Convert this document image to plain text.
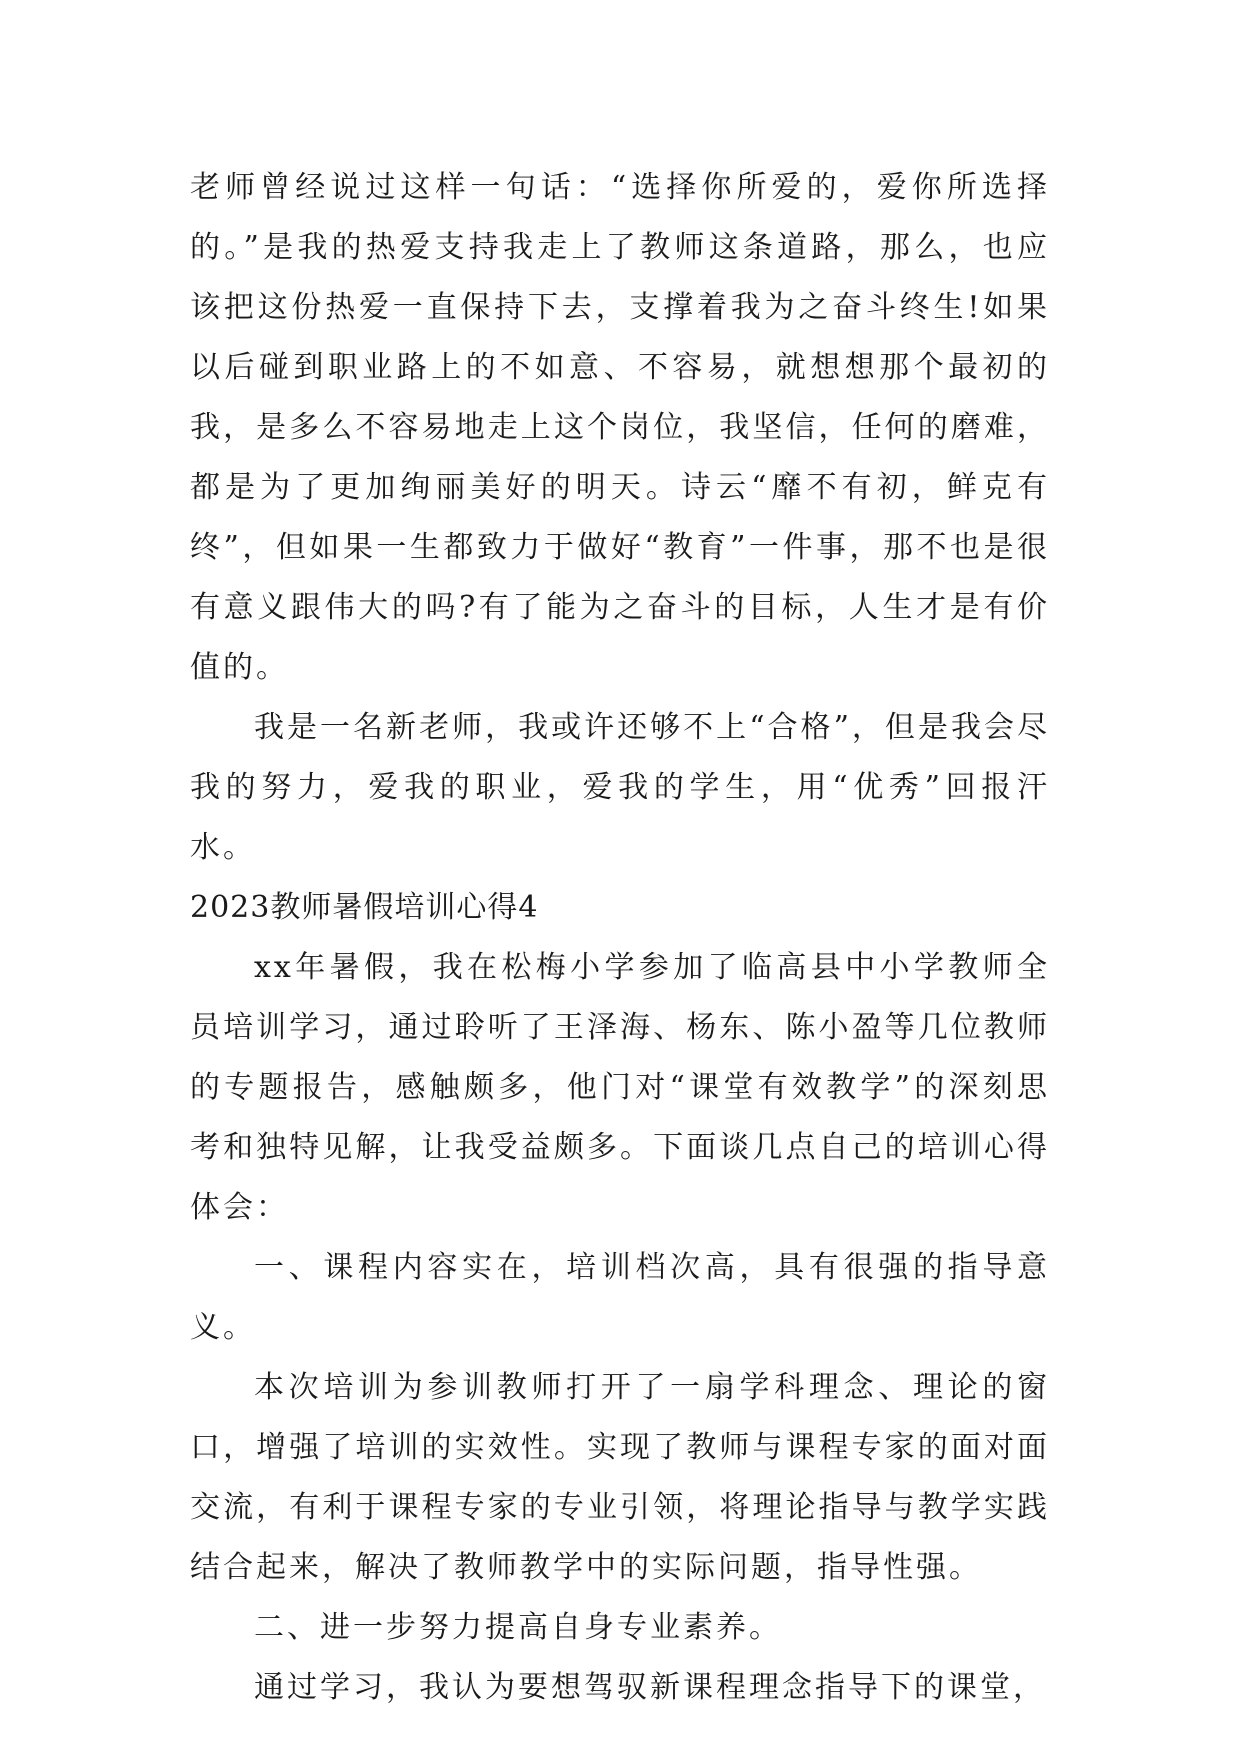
老师曾经说过这样一句话：“选择你所爱的，爱你所选择的。”是我的热爱支持我走上了教师这条道路，那么，也应该把这份热爱一直保持下去，支撑着我为之奋斗终生!如果以后碰到职业路上的不如意、不容易，就想想那个最初的我，是多么不容易地走上这个岗位，我坚信，任何的磨难，都是为了更加绚丽美好的明天。诗云“靡不有初，鲜克有终”，但如果一生都致力于做好“教育”一件事，那不也是很有意义跟伟大的吗?有了能为之奋斗的目标，人生才是有价值的。

我是一名新老师，我或许还够不上“合格”，但是我会尽我的努力，爱我的职业，爱我的学生，用“优秀”回报汗水。

2023教师暑假培训心得4

xx年暑假，我在松梅小学参加了临高县中小学教师全员培训学习，通过聆听了王泽海、杨东、陈小盈等几位教师的专题报告，感触颇多，他门对“课堂有效教学”的深刻思考和独特见解，让我受益颇多。下面谈几点自己的培训心得体会：

一、课程内容实在，培训档次高，具有很强的指导意义。

本次培训为参训教师打开了一扇学科理念、理论的窗口，增强了培训的实效性。实现了教师与课程专家的面对面交流，有利于课程专家的专业引领，将理论指导与教学实践结合起来，解决了教师教学中的实际问题，指导性强。

二、进一步努力提高自身专业素养。

通过学习，我认为要想驾驭新课程理念指导下的课堂，
